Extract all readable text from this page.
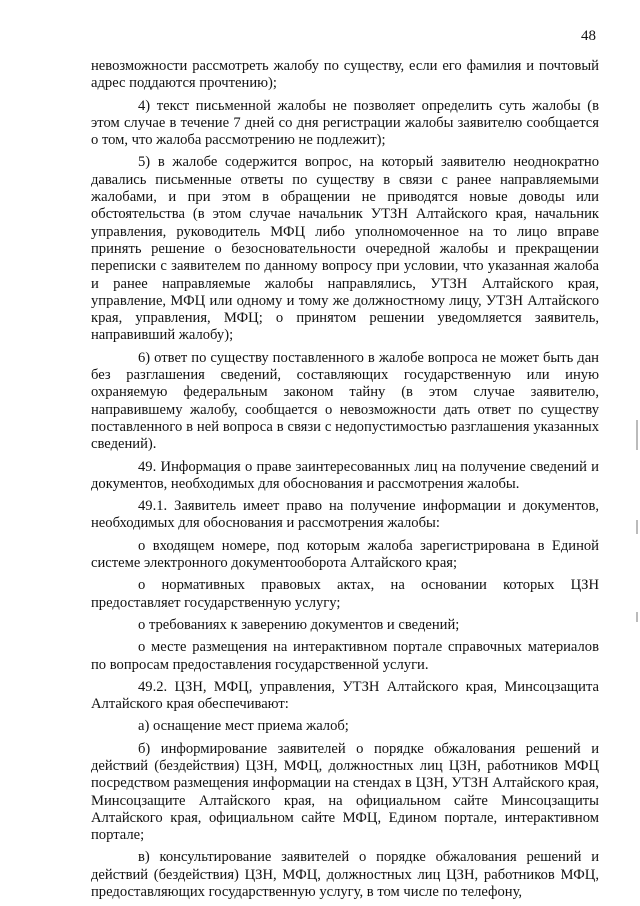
48

невозможности рассмотреть жалобу по существу, если его фамилия и почтовый адрес поддаются прочтению);

4) текст письменной жалобы не позволяет определить суть жалобы (в этом случае в течение 7 дней со дня регистрации жалобы заявителю сообщается о том, что жалоба рассмотрению не подлежит);

5) в жалобе содержится вопрос, на который заявителю неоднократно давались письменные ответы по существу в связи с ранее направляемыми жалобами, и при этом в обращении не приводятся новые доводы или обстоятельства (в этом случае начальник УТЗН Алтайского края, начальник управления, руководитель МФЦ либо уполномоченное на то лицо вправе принять решение о безосновательности очередной жалобы и прекращении переписки с заявителем по данному вопросу при условии, что указанная жалоба и ранее направляемые жалобы направлялись, УТЗН Алтайского края, управление, МФЦ или одному и тому же должностному лицу, УТЗН Алтайского края, управления, МФЦ; о принятом решении уведомляется заявитель, направивший жалобу);

6) ответ по существу поставленного в жалобе вопроса не может быть дан без разглашения сведений, составляющих государственную или иную охраняемую федеральным законом тайну (в этом случае заявителю, направившему жалобу, сообщается о невозможности дать ответ по существу поставленного в ней вопроса в связи с недопустимостью разглашения указанных сведений).

49. Информация о праве заинтересованных лиц на получение сведений и документов, необходимых для обоснования и рассмотрения жалобы.

49.1. Заявитель имеет право на получение информации и документов, необходимых для обоснования и рассмотрения жалобы:

о входящем номере, под которым жалоба зарегистрирована в Единой системе электронного документооборота Алтайского края;

о нормативных правовых актах, на основании которых ЦЗН предоставляет государственную услугу;

о требованиях к заверению документов и сведений;

о месте размещения на интерактивном портале справочных материалов по вопросам предоставления государственной услуги.

49.2. ЦЗН, МФЦ, управления, УТЗН Алтайского края, Минсоцзащита Алтайского края обеспечивают:

а) оснащение мест приема жалоб;

б) информирование заявителей о порядке обжалования решений и действий (бездействия) ЦЗН, МФЦ, должностных лиц ЦЗН, работников МФЦ посредством размещения информации на стендах в ЦЗН, УТЗН Алтайского края, Минсоцзащите Алтайского края, на официальном сайте Минсоцзащиты Алтайского края, официальном сайте МФЦ, Едином портале, интерактивном портале;

в) консультирование заявителей о порядке обжалования решений и действий (бездействия) ЦЗН, МФЦ, должностных лиц ЦЗН, работников МФЦ, предоставляющих государственную услугу, в том числе по телефону,
